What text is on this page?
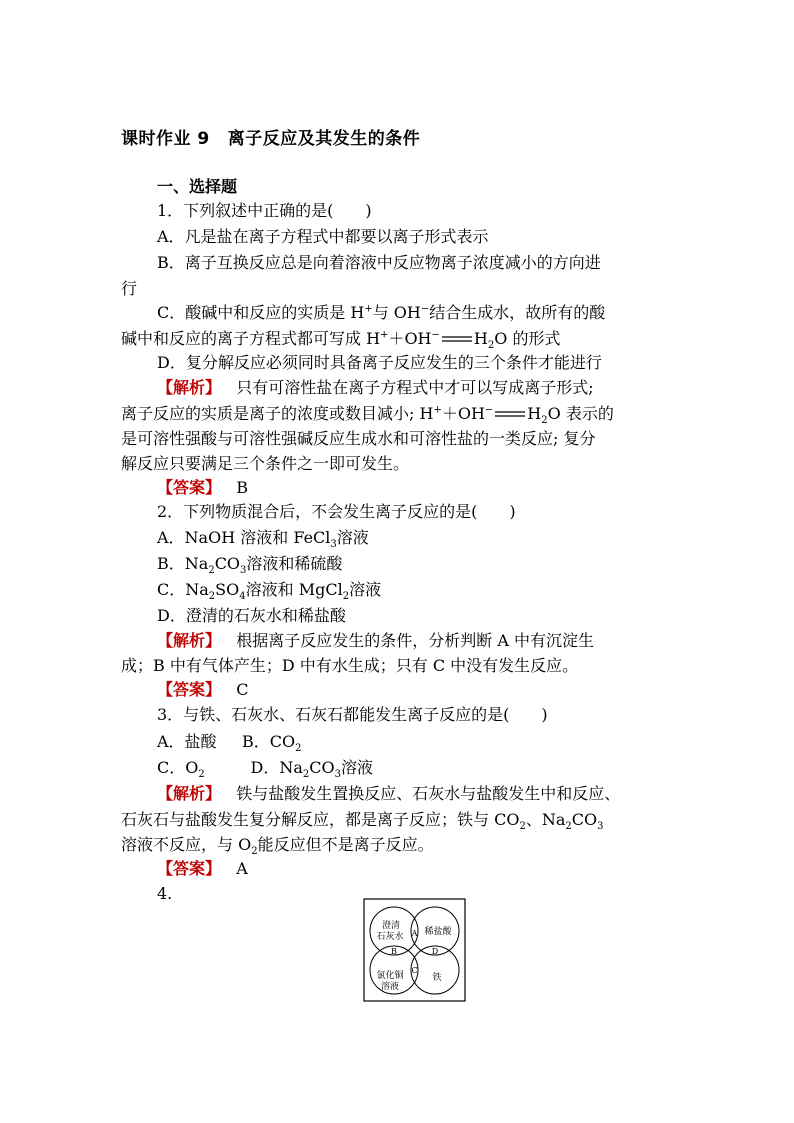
课时作业 9 离子反应及其发生的条件
一、选择题
1．下列叙述中正确的是(　　)
A．凡是盐在离子方程式中都要以离子形式表示
B．离子互换反应总是向着溶液中反应物离子浓度减小的方向进
行
C．酸碱中和反应的实质是 H+与 OH−结合生成水，故所有的酸
碱中和反应的离子方程式都可写成 H+＋OH− $H_2O$ 的形式
D．复分解反应必须同时具备离子反应发生的三个条件才能进行
【解析】 只有可溶性盐在离子方程式中才可以写成离子形式;
离子反应的实质是离子的浓度或数目减小; H+＋OH− $H_2O$ 表示的
是可溶性强酸与可溶性强碱反应生成水和可溶性盐的一类反应; 复分
解反应只要满足三个条件之一即可发生。
【答案】 B
2．下列物质混合后，不会发生离子反应的是(　　)
A．NaOH 溶液和 FeCl$_3$溶液
B．$Na_2CO_3$溶液和稀硫酸
C．$Na_2SO_4$溶液和 MgCl$_2$溶液
D．澄清的石灰水和稀盐酸
【解析】 根据离子反应发生的条件，分析判断 A 中有沉淀生
成；B 中有气体产生；D 中有水生成；只有 C 中没有发生反应。
【答案】 C
3．与铁、石灰水、石灰石都能发生离子反应的是(　　)
A．盐酸 B．$CO_2$
C．$O_2$	D．$Na_2CO_3$溶液
【解析】 铁与盐酸发生置换反应、石灰水与盐酸发生中和反应、
石灰石与盐酸发生复分解反应，都是离子反应；铁与 $CO_2$、$Na_2CO_3$
溶液不反应，与 $O_2$能反应但不是离子反应。
【答案】 A
4.
澄清
石灰水 稀盐酸
氯化铜
溶液
铁
A
B
C
D
